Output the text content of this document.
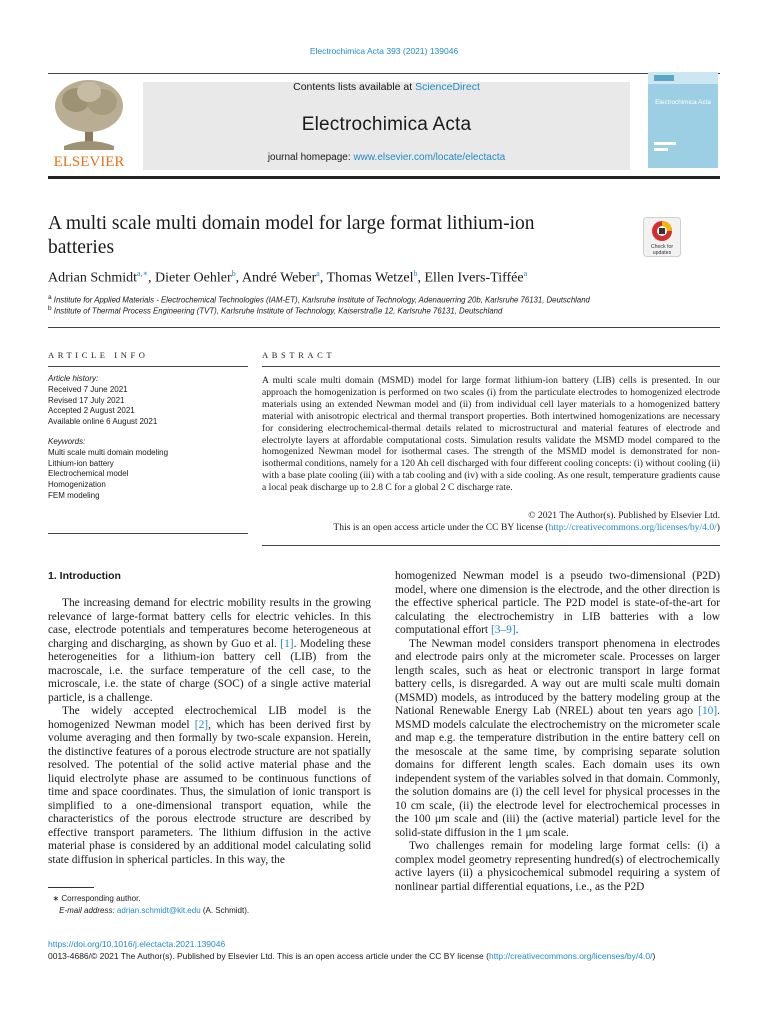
Electrochimica Acta 393 (2021) 139046
ELSEVIER
Contents lists available at ScienceDirect
Electrochimica Acta
journal homepage: www.elsevier.com/locate/electacta
Electrochimica Acta
A multi scale multi domain model for large format lithium-ion
batteries	Check for updates
Adrian Schmidt$^{a,∗}$, Dieter Oehler$^b$, André Weber$^a$, Thomas Wetzel$^b$, Ellen Ivers-Tiffée$^a$
$^a$ Institute for Applied Materials - Electrochemical Technologies (IAM-ET), Karlsruhe Institute of Technology, Adenauerring 20b, Karlsruhe 76131, Deutschland
$^b$ Institute of Thermal Process Engineering (TVT), Karlsruhe Institute of Technology, Kaiserstraße 12, Karlsruhe 76131, Deutschland
ARTICLE INFO	ABSTRACT
Article history:
Received 7 June 2021
Revised 17 July 2021
Accepted 2 August 2021
Available online 6 August 2021
Keywords:
Multi scale multi domain modeling
Lithium-ion battery
Electrochemical model
Homogenization
FEM modeling
A multi scale multi domain (MSMD) model for large format lithium-ion battery (LIB) cells is presented. In our approach the homogenization is performed on two scales (i) from the particulate electrodes to homogenized electrode materials using an extended Newman model and (ii) from individual cell layer materials to a homogenized battery material with anisotropic electrical and thermal transport properties. Both intertwined homogenizations are necessary for considering electrochemical-thermal details related to microstructural and material features of electrode and electrolyte layers at affordable computational costs. Simulation results validate the MSMD model compared to the homogenized Newman model for isothermal cases. The strength of the MSMD model is demonstrated for non-isothermal conditions, namely for a 120 Ah cell discharged with four different cooling concepts: (i) without cooling (ii) with a base plate cooling (iii) with a tab cooling and (iv) with a side cooling. As one result, temperature gradients cause a local peak discharge up to 2.8 C for a global 2 C discharge rate.
© 2021 The Author(s). Published by Elsevier Ltd.
This is an open access article under the CC BY license (http://creativecommons.org/licenses/by/4.0/)
1. Introduction

The increasing demand for electric mobility results in the growing relevance of large-format battery cells for electric vehicles. In this case, electrode potentials and temperatures become heterogeneous at charging and discharging, as shown by Guo et al. [1]. Modeling these heterogeneities for a lithium-ion battery cell (LIB) from the macroscale, i.e. the surface temperature of the cell case, to the microscale, i.e. the state of charge (SOC) of a single active material particle, is a challenge.

The widely accepted electrochemical LIB model is the homogenized Newman model [2], which has been derived first by volume averaging and then formally by two-scale expansion. Herein, the distinctive features of a porous electrode structure are not spatially resolved. The potential of the solid active material phase and the liquid electrolyte phase are assumed to be continuous functions of time and space coordinates. Thus, the simulation of ionic transport is simplified to a one-dimensional transport equation, while the characteristics of the porous electrode structure are described by effective transport parameters. The lithium diffusion in the active material phase is considered by an additional model calculating solid state diffusion in spherical particles. In this way, the

homogenized Newman model is a pseudo two-dimensional (P2D) model, where one dimension is the electrode, and the other direction is the effective spherical particle. The P2D model is state-of-the-art for calculating the electrochemistry in LIB batteries with a low computational effort [3–9].

The Newman model considers transport phenomena in electrodes and electrode pairs only at the micrometer scale. Processes on larger length scales, such as heat or electronic transport in large format battery cells, is disregarded. A way out are multi scale multi domain (MSMD) models, as introduced by the battery modeling group at the National Renewable Energy Lab (NREL) about ten years ago [10]. MSMD models calculate the electrochemistry on the micrometer scale and map e.g. the temperature distribution in the entire battery cell on the mesoscale at the same time, by comprising separate solution domains for different length scales. Each domain uses its own independent system of the variables solved in that domain. Commonly, the solution domains are (i) the cell level for physical processes in the 10 cm scale, (ii) the electrode level for electrochemical processes in the 100 μm scale and (iii) the (active material) particle level for the solid-state diffusion in the 1 μm scale.

Two challenges remain for modeling large format cells: (i) a complex model geometry representing hundred(s) of electrochemically active layers (ii) a physicochemical submodel requiring a system of nonlinear partial differential equations, i.e., as the P2D

∗ Corresponding author.
E-mail address: adrian.schmidt@kit.edu (A. Schmidt).
https://doi.org/10.1016/j.electacta.2021.139046
0013-4686/© 2021 The Author(s). Published by Elsevier Ltd. This is an open access article under the CC BY license (http://creativecommons.org/licenses/by/4.0/)
